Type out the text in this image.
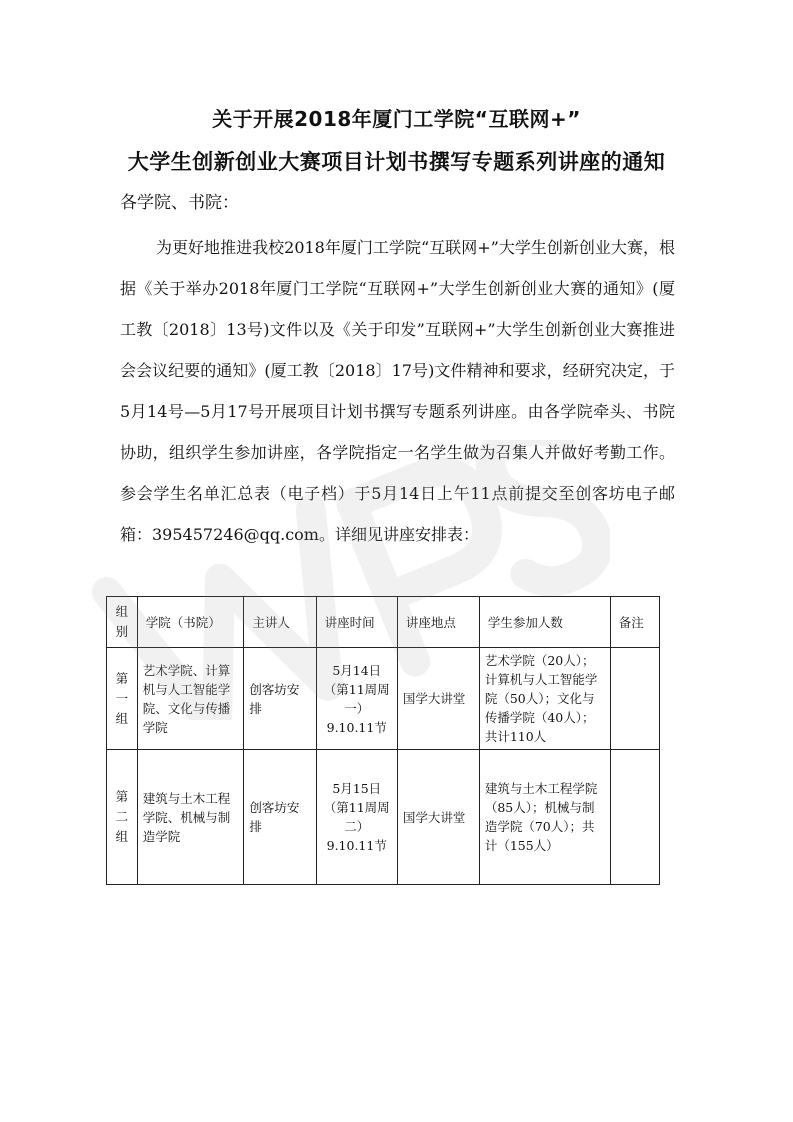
关于开展2018年厦门工学院“互联网+”
大学生创新创业大赛项目计划书撰写专题系列讲座的通知
各学院、书院：

为更好地推进我校2018年厦门工学院“互联网+”大学生创新创业大赛，根据《关于举办2018年厦门工学院“互联网+”大学生创新创业大赛的通知》(厦工教〔2018〕13号)文件以及《关于印发”互联网+”大学生创新创业大赛推进会会议纪要的通知》(厦工教〔2018〕17号)文件精神和要求，经研究决定，于5月14号—5月17号开展项目计划书撰写专题系列讲座。由各学院牵头、书院协助，组织学生参加讲座，各学院指定一名学生做为召集人并做好考勤工作。参会学生名单汇总表（电子档）于5月14日上午11点前提交至创客坊电子邮箱：395457246@qq.com。详细见讲座安排表：

组别	学院（书院）	主讲人	讲座时间	讲座地点	学生参加人数	备注
第一组	艺术学院、计算机与人工智能学院、文化与传播学院	创客坊安排	5月14日（第11周周一）9.10.11节	国学大讲堂	艺术学院（20人）；计算机与人工智能学院（50人）；文化与传播学院（40人）；共计110人	
第二组	建筑与土木工程学院、机械与制造学院	创客坊安排	5月15日（第11周周二）9.10.11节	国学大讲堂	建筑与土木工程学院（85人）；机械与制造学院（70人）；共计（155人）	
